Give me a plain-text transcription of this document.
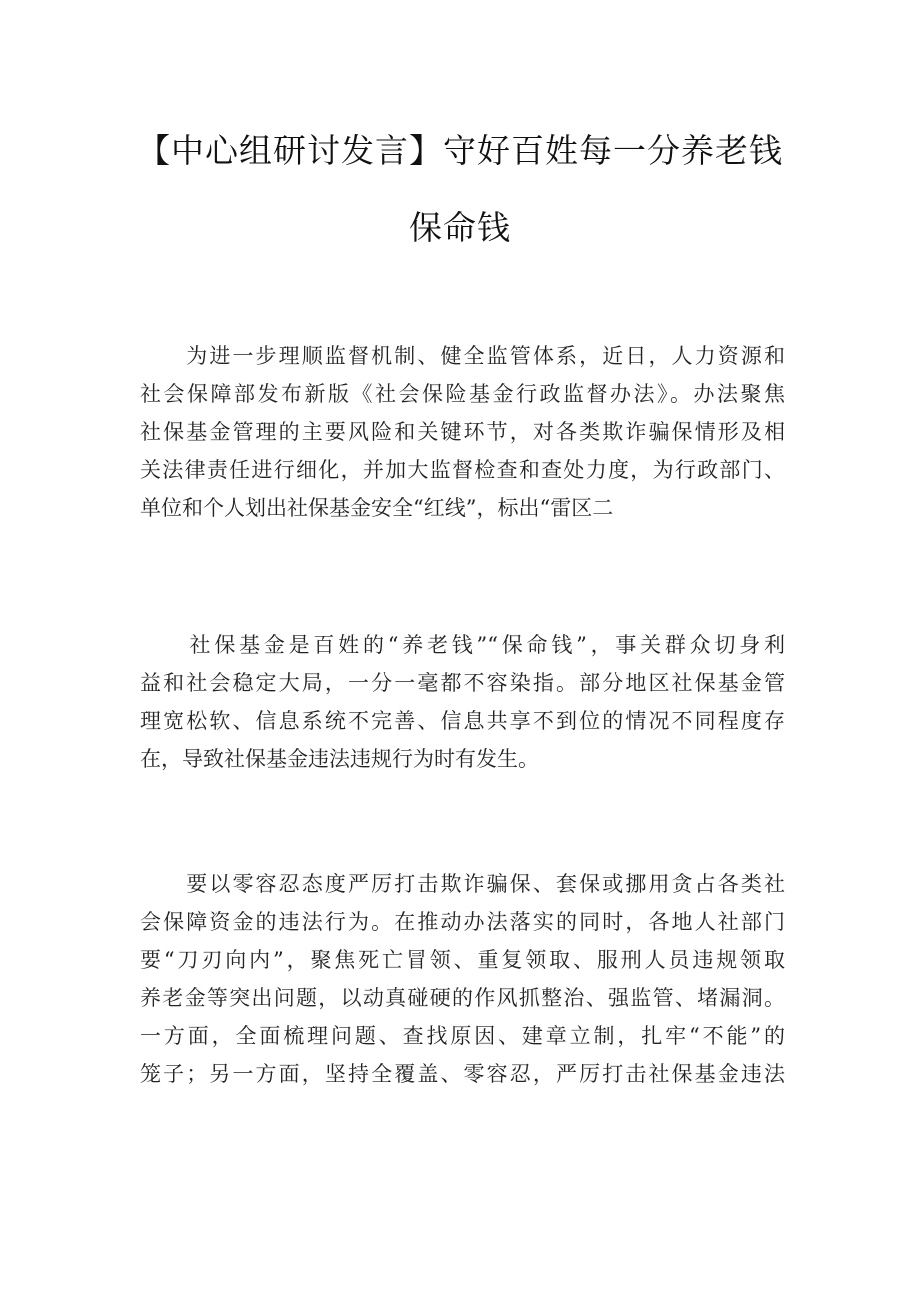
【中心组研讨发言】守好百姓每一分养老钱
保命钱

　　为进一步理顺监督机制、健全监管体系，近日，人力资源和
社会保障部发布新版《社会保险基金行政监督办法》。办法聚焦
社保基金管理的主要风险和关键环节，对各类欺诈骗保情形及相
关法律责任进行细化，并加大监督检查和查处力度，为行政部门、
单位和个人划出社保基金安全“红线”，标出“雷区二

　　社保基金是百姓的“养老钱”“保命钱”，事关群众切身利
益和社会稳定大局，一分一毫都不容染指。部分地区社保基金管
理宽松软、信息系统不完善、信息共享不到位的情况不同程度存
在，导致社保基金违法违规行为时有发生。

　　要以零容忍态度严厉打击欺诈骗保、套保或挪用贪占各类社
会保障资金的违法行为。在推动办法落实的同时，各地人社部门
要“刀刃向内”，聚焦死亡冒领、重复领取、服刑人员违规领取
养老金等突出问题，以动真碰硬的作风抓整治、强监管、堵漏洞。
一方面，全面梳理问题、查找原因、建章立制，扎牢“不能”的
笼子；另一方面，坚持全覆盖、零容忍，严厉打击社保基金违法
